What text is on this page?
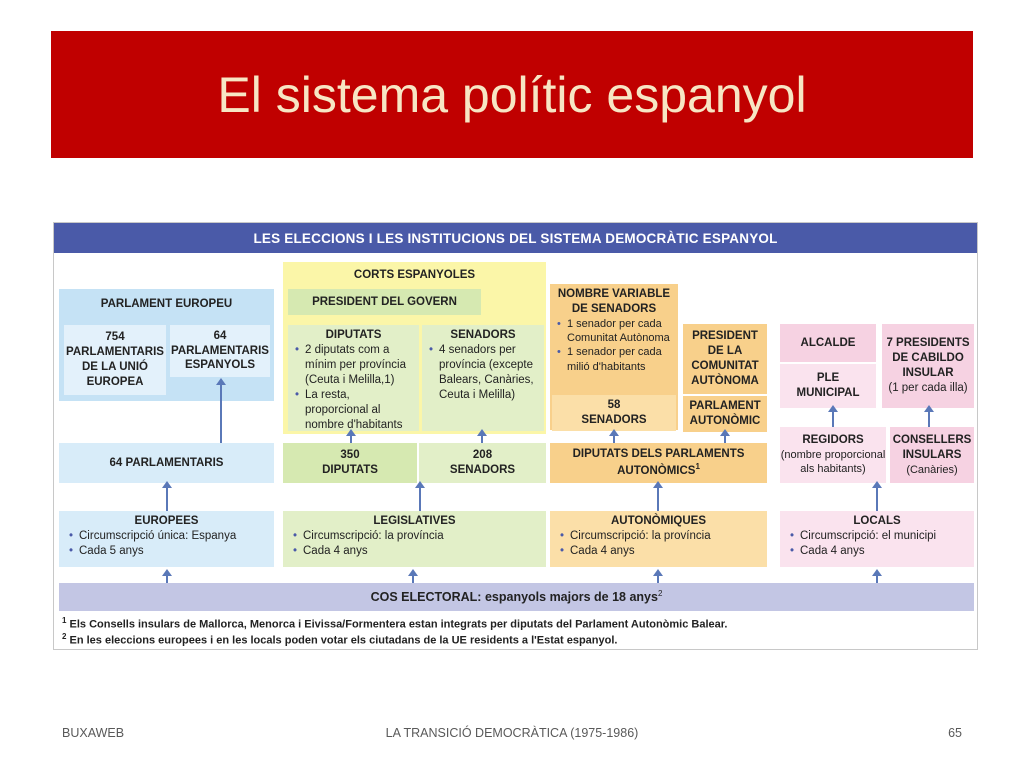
El sistema polític espanyol
LES ELECCIONS I LES INSTITUCIONS DEL SISTEMA DEMOCRÀTIC ESPANYOL
PARLAMENT EUROPEU
754 PARLAMENTARIS DE LA UNIÓ EUROPEA
64 PARLAMENTARIS ESPANYOLS
64 PARLAMENTARIS
EUROPEES
• Circumscripció única: Espanya
• Cada 5 anys
CORTS ESPANYOLES
PRESIDENT DEL GOVERN
DIPUTATS
• 2 diputats com a mínim per província (Ceuta i Melilla,1)
• La resta, proporcional al nombre d'habitants
SENADORS
• 4 senadors per província (excepte Balears, Canàries, Ceuta i Melilla)
350 DIPUTATS
208 SENADORS
LEGISLATIVES
• Circumscripció: la província
• Cada 4 anys
NOMBRE VARIABLE DE SENADORS
• 1 senador per cada Comunitat Autònoma
• 1 senador per cada milió d'habitants
58 SENADORS
PRESIDENT DE LA COMUNITAT AUTÒNOMA
PARLAMENT AUTONÒMIC
DIPUTATS DELS PARLAMENTS AUTONÒMICS$^1$
AUTONÒMIQUES
• Circumscripció: la província
• Cada 4 anys
ALCALDE
PLE MUNICIPAL
7 PRESIDENTS DE CABILDO INSULAR
(1 per cada illa)
REGIDORS
(nombre proporcional als habitants)
CONSELLERS INSULARS
(Canàries)
LOCALS
• Circumscripció: el municipi
• Cada 4 anys
COS ELECTORAL: espanyols majors de 18 anys$^2$
$^1$ Els Consells insulars de Mallorca, Menorca i Eivissa/Formentera estan integrats per diputats del Parlament Autonòmic Balear.
$^2$ En les eleccions europees i en les locals poden votar els ciutadans de la UE residents a l'Estat espanyol.
BUXAWEB	LA TRANSICIÓ DEMOCRÀTICA (1975-1986)	65
